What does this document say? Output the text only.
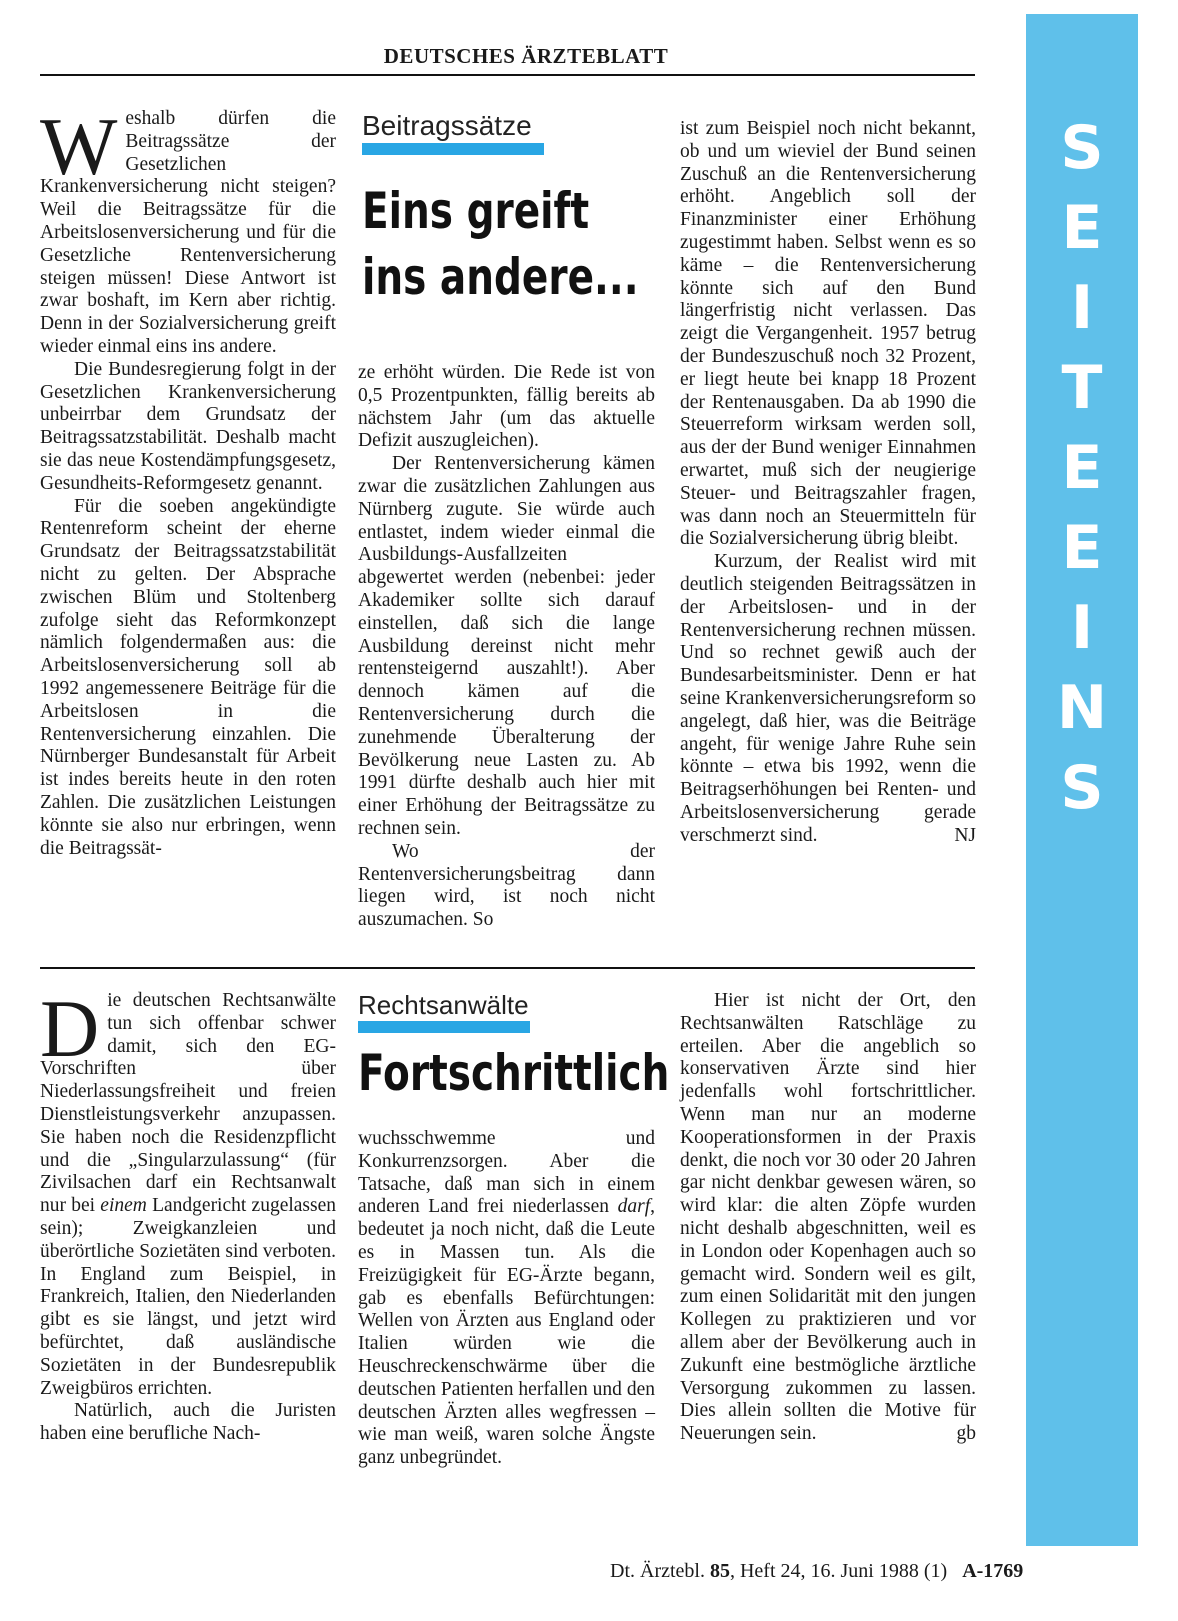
DEUTSCHES ÄRZTEBLATT
S
E
I
T
E
E
I
N
S
W eshalb dürfen die Beitragssätze der Gesetzlichen Krankenversicherung nicht steigen? Weil die Beitragssätze für die Arbeitslosenversicherung und für die Gesetzliche Rentenversicherung steigen müssen! Diese Antwort ist zwar boshaft, im Kern aber richtig. Denn in der Sozialversicherung greift wieder einmal eins ins andere.

Die Bundesregierung folgt in der Gesetzlichen Krankenversicherung unbeirrbar dem Grundsatz der Beitragssatzstabilität. Deshalb macht sie das neue Kostendämpfungsgesetz, Gesundheits-Reformgesetz genannt.

Für die soeben angekündigte Rentenreform scheint der eherne Grundsatz der Beitragssatzstabilität nicht zu gelten. Der Absprache zwischen Blüm und Stoltenberg zufolge sieht das Reformkonzept nämlich folgendermaßen aus: die Arbeitslosenversicherung soll ab 1992 angemessenere Beiträge für die Arbeitslosen in die Rentenversicherung einzahlen. Die Nürnberger Bundesanstalt für Arbeit ist indes bereits heute in den roten Zahlen. Die zusätzlichen Leistungen könnte sie also nur erbringen, wenn die Beitragssät-

Beitragssätze
Eins greift
ins andere...

ze erhöht würden. Die Rede ist von 0,5 Prozentpunkten, fällig bereits ab nächstem Jahr (um das aktuelle Defizit auszugleichen).

Der Rentenversicherung kämen zwar die zusätzlichen Zahlungen aus Nürnberg zugute. Sie würde auch entlastet, indem wieder einmal die Ausbildungs-Ausfallzeiten abgewertet werden (nebenbei: jeder Akademiker sollte sich darauf einstellen, daß sich die lange Ausbildung dereinst nicht mehr rentensteigernd auszahlt!). Aber dennoch kämen auf die Rentenversicherung durch die zunehmende Überalterung der Bevölkerung neue Lasten zu. Ab 1991 dürfte deshalb auch hier mit einer Erhöhung der Beitragssätze zu rechnen sein.

Wo der Rentenversicherungsbeitrag dann liegen wird, ist noch nicht auszumachen. So

ist zum Beispiel noch nicht bekannt, ob und um wieviel der Bund seinen Zuschuß an die Rentenversicherung erhöht. Angeblich soll der Finanzminister einer Erhöhung zugestimmt haben. Selbst wenn es so käme – die Rentenversicherung könnte sich auf den Bund längerfristig nicht verlassen. Das zeigt die Vergangenheit. 1957 betrug der Bundeszuschuß noch 32 Prozent, er liegt heute bei knapp 18 Prozent der Rentenausgaben. Da ab 1990 die Steuerreform wirksam werden soll, aus der der Bund weniger Einnahmen erwartet, muß sich der neugierige Steuer- und Beitragszahler fragen, was dann noch an Steuermitteln für die Sozialversicherung übrig bleibt.

Kurzum, der Realist wird mit deutlich steigenden Beitragssätzen in der Arbeitslosen- und in der Rentenversicherung rechnen müssen. Und so rechnet gewiß auch der Bundesarbeitsminister. Denn er hat seine Krankenversicherungsreform so angelegt, daß hier, was die Beiträge angeht, für wenige Jahre Ruhe sein könnte – etwa bis 1992, wenn die Beitragserhöhungen bei Renten- und Arbeitslosenversicherung gerade verschmerzt sind.	NJ

D ie deutschen Rechtsanwälte tun sich offenbar schwer damit, sich den EG-Vorschriften über Niederlassungsfreiheit und freien Dienstleistungsverkehr anzupassen. Sie haben noch die Residenzpflicht und die „Singularzulassung“ (für Zivilsachen darf ein Rechtsanwalt nur bei einem Landgericht zugelassen sein); Zweigkanzleien und überörtliche Sozietäten sind verboten. In England zum Beispiel, in Frankreich, Italien, den Niederlanden gibt es sie längst, und jetzt wird befürchtet, daß ausländische Sozietäten in der Bundesrepublik Zweigbüros errichten.

Natürlich, auch die Juristen haben eine berufliche Nach-

Rechtsanwälte
Fortschrittlich

wuchsschwemme und Konkurrenzsorgen. Aber die Tatsache, daß man sich in einem anderen Land frei niederlassen darf, bedeutet ja noch nicht, daß die Leute es in Massen tun. Als die Freizügigkeit für EG-Ärzte begann, gab es ebenfalls Befürchtungen: Wellen von Ärzten aus England oder Italien würden wie die Heuschreckenschwärme über die deutschen Patienten herfallen und den deutschen Ärzten alles wegfressen – wie man weiß, waren solche Ängste ganz unbegründet.

Hier ist nicht der Ort, den Rechtsanwälten Ratschläge zu erteilen. Aber die angeblich so konservativen Ärzte sind hier jedenfalls wohl fortschrittlicher. Wenn man nur an moderne Kooperationsformen in der Praxis denkt, die noch vor 30 oder 20 Jahren gar nicht denkbar gewesen wären, so wird klar: die alten Zöpfe wurden nicht deshalb abgeschnitten, weil es in London oder Kopenhagen auch so gemacht wird. Sondern weil es gilt, zum einen Solidarität mit den jungen Kollegen zu praktizieren und vor allem aber der Bevölkerung auch in Zukunft eine bestmögliche ärztliche Versorgung zukommen zu lassen. Dies allein sollten die Motive für Neuerungen sein.	gb

Dt. Ärztebl. 85, Heft 24, 16. Juni 1988 (1) A-1769
